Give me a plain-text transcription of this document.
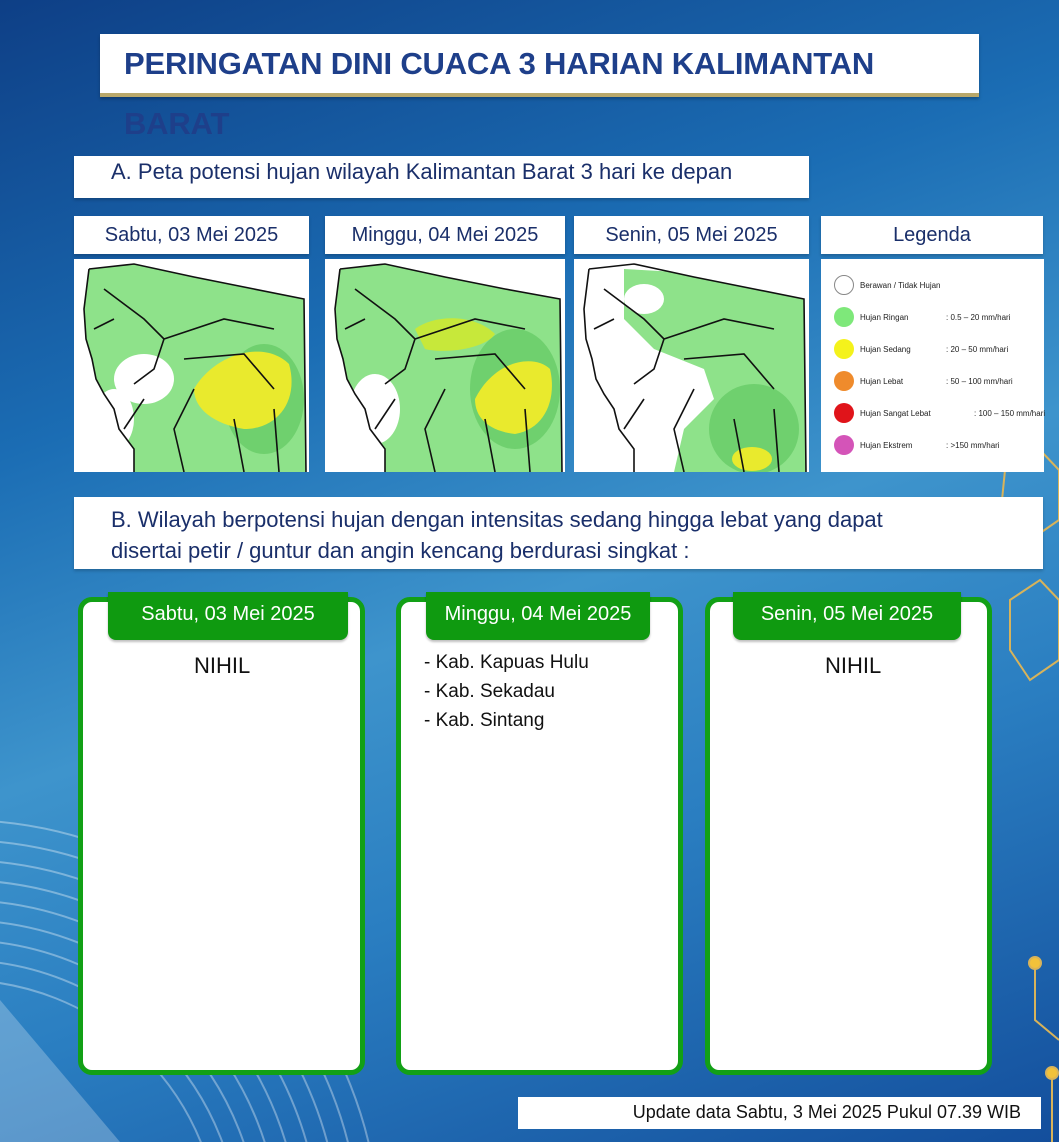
PERINGATAN DINI CUACA 3 HARIAN KALIMANTAN BARAT
A. Peta potensi hujan wilayah Kalimantan Barat 3 hari ke depan
Sabtu, 03 Mei 2025	Minggu, 04 Mei 2025	Senin, 05 Mei 2025	Legenda
Berawan / Tidak Hujan
Hujan Ringan	: 0.5 – 20 mm/hari
Hujan Sedang	: 20 – 50 mm/hari
Hujan Lebat	: 50 – 100 mm/hari
Hujan Sangat Lebat	: 100 – 150 mm/hari
Hujan Ekstrem	: >150 mm/hari

B. Wilayah berpotensi hujan dengan intensitas sedang hingga lebat yang dapat
disertai petir / guntur dan angin kencang berdurasi singkat :

Sabtu, 03 Mei 2025
NIHIL
Minggu, 04 Mei 2025
- Kab. Kapuas Hulu
- Kab. Sekadau
- Kab. Sintang
Senin, 05 Mei 2025
NIHIL
Update data Sabtu, 3 Mei 2025 Pukul 07.39 WIB
